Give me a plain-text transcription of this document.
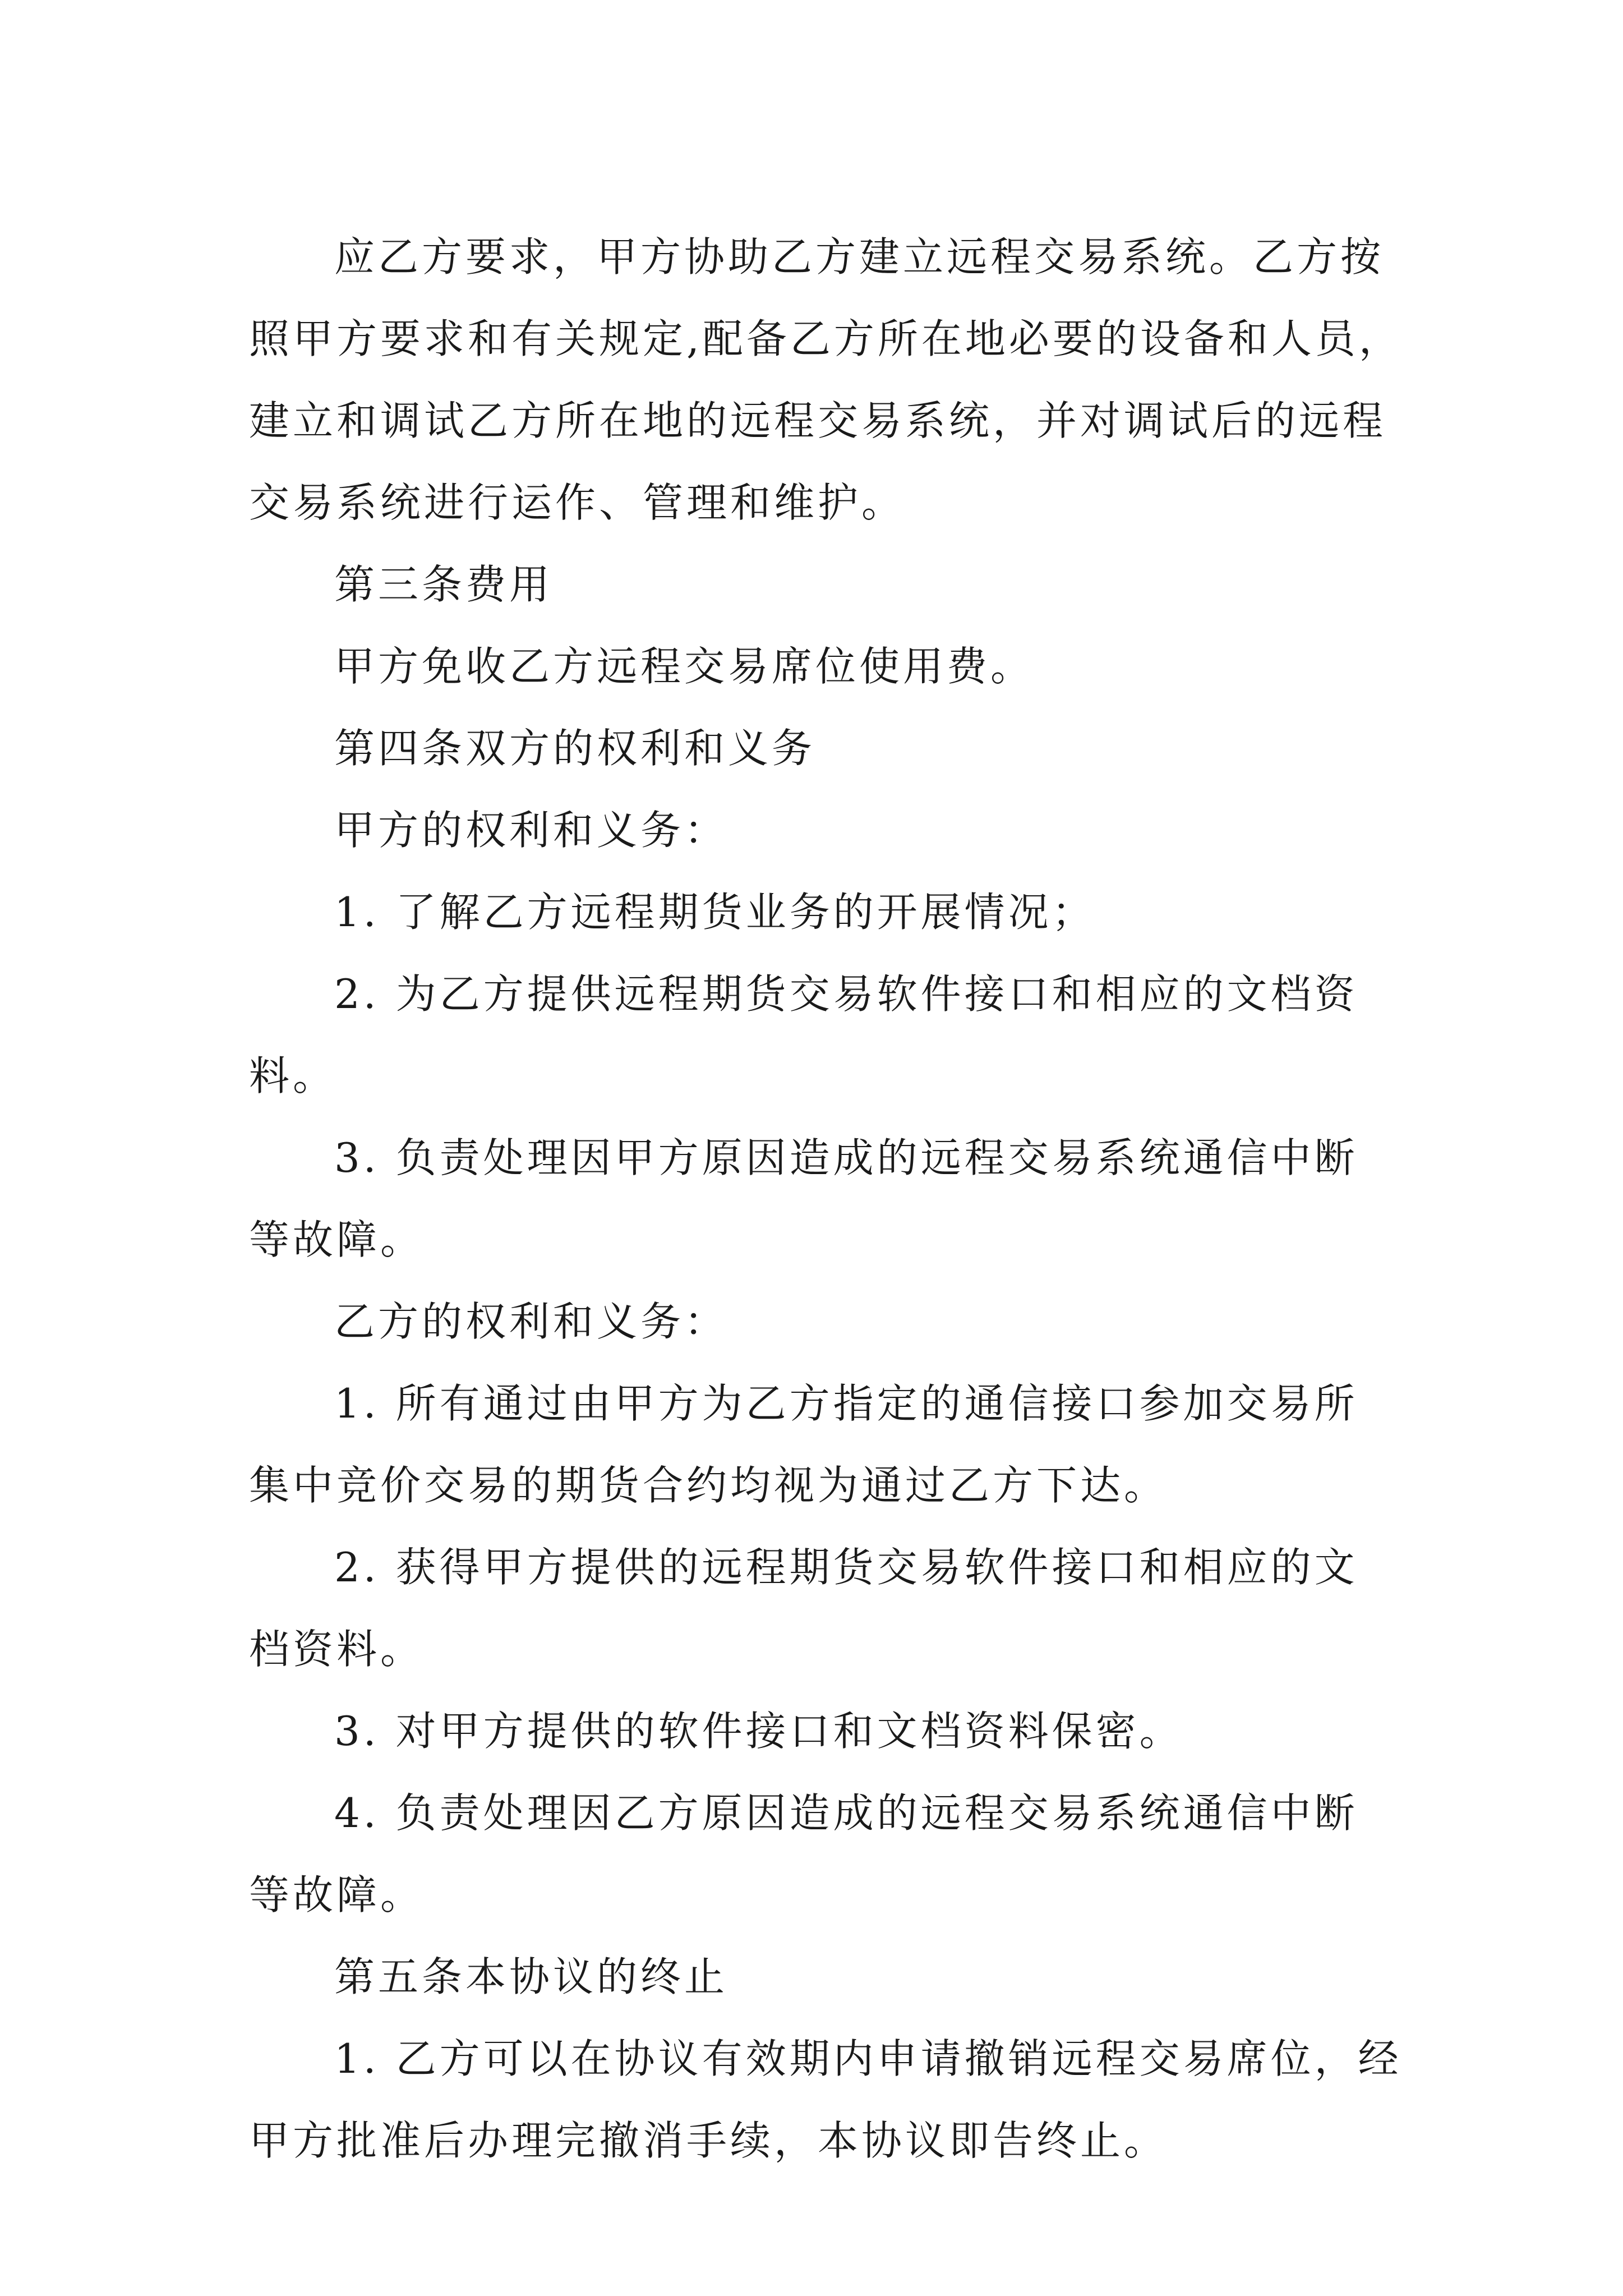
应乙方要求，甲方协助乙方建立远程交易系统。乙方按
照甲方要求和有关规定,配备乙方所在地必要的设备和人员，
建立和调试乙方所在地的远程交易系统，并对调试后的远程
交易系统进行运作、管理和维护。
第三条费用
甲方免收乙方远程交易席位使用费。
第四条双方的权利和义务
甲方的权利和义务：
1. 了解乙方远程期货业务的开展情况；
2. 为乙方提供远程期货交易软件接口和相应的文档资
料。
3. 负责处理因甲方原因造成的远程交易系统通信中断
等故障。
乙方的权利和义务：
1. 所有通过由甲方为乙方指定的通信接口参加交易所
集中竞价交易的期货合约均视为通过乙方下达。
2. 获得甲方提供的远程期货交易软件接口和相应的文
档资料。
3. 对甲方提供的软件接口和文档资料保密。
4. 负责处理因乙方原因造成的远程交易系统通信中断
等故障。
第五条本协议的终止
1. 乙方可以在协议有效期内申请撤销远程交易席位，经
甲方批准后办理完撤消手续，本协议即告终止。
